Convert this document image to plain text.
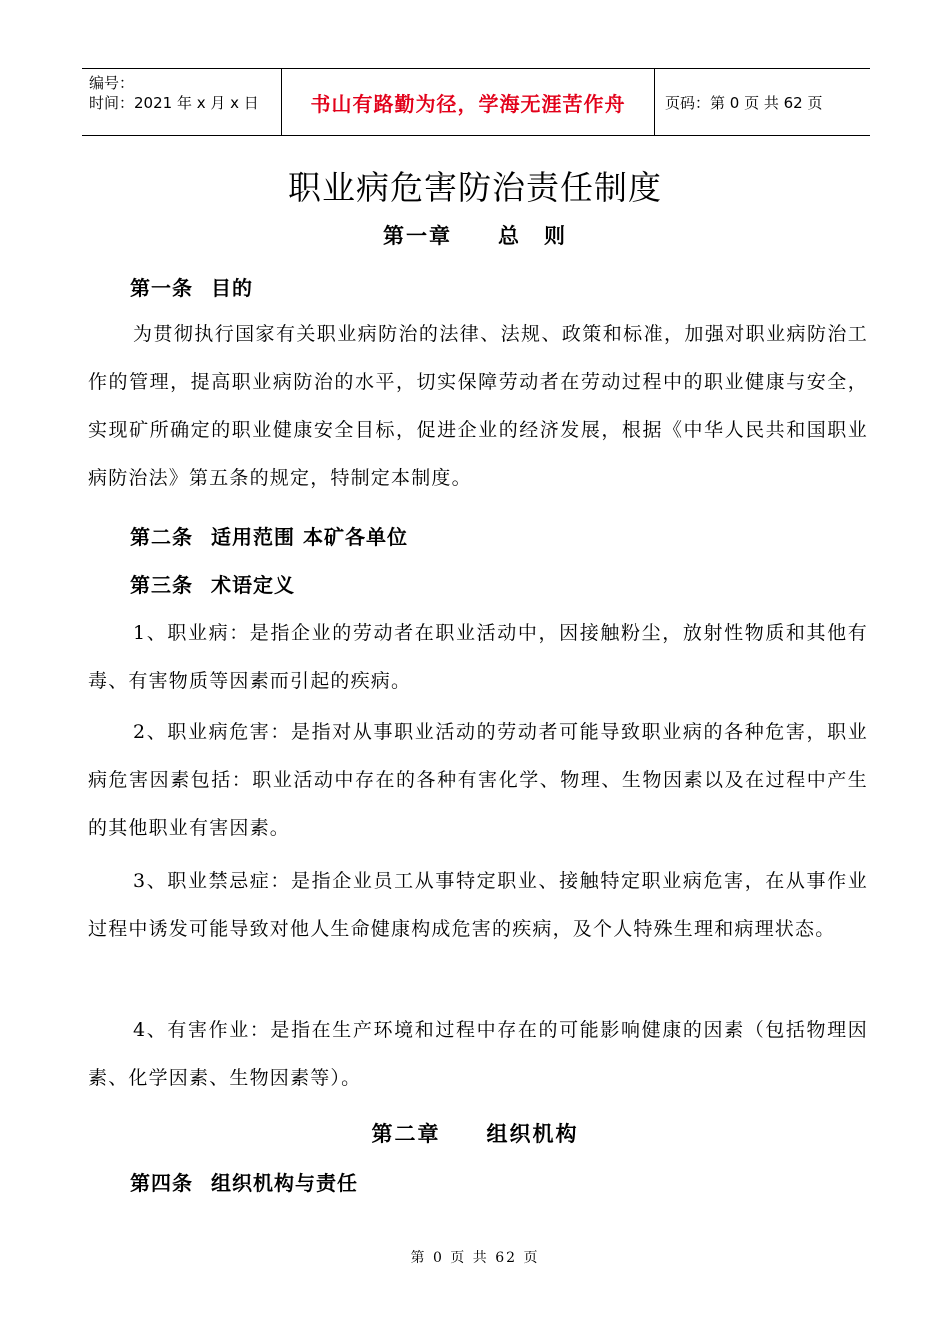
编号：
时间：2021 年 x 月 x 日	书山有路勤为径，学海无涯苦作舟	页码：第 0 页 共 62 页
职业病危害防治责任制度
第一章　　总　则
第一条 目的
为贯彻执行国家有关职业病防治的法律、法规、政策和标准，加强对职业病防治工作的管理，提高职业病防治的水平，切实保障劳动者在劳动过程中的职业健康与安全，实现矿所确定的职业健康安全目标，促进企业的经济发展，根据《中华人民共和国职业病防治法》第五条的规定，特制定本制度。
第二条 适用范围 本矿各单位
第三条 术语定义
1、职业病：是指企业的劳动者在职业活动中，因接触粉尘，放射性物质和其他有毒、有害物质等因素而引起的疾病。
2、职业病危害：是指对从事职业活动的劳动者可能导致职业病的各种危害，职业病危害因素包括：职业活动中存在的各种有害化学、物理、生物因素以及在过程中产生的其他职业有害因素。
3、职业禁忌症：是指企业员工从事特定职业、接触特定职业病危害，在从事作业过程中诱发可能导致对他人生命健康构成危害的疾病，及个人特殊生理和病理状态。
4、有害作业：是指在生产环境和过程中存在的可能影响健康的因素（包括物理因素、化学因素、生物因素等）。
第二章　　组织机构
第四条 组织机构与责任
第 0 页 共 62 页
